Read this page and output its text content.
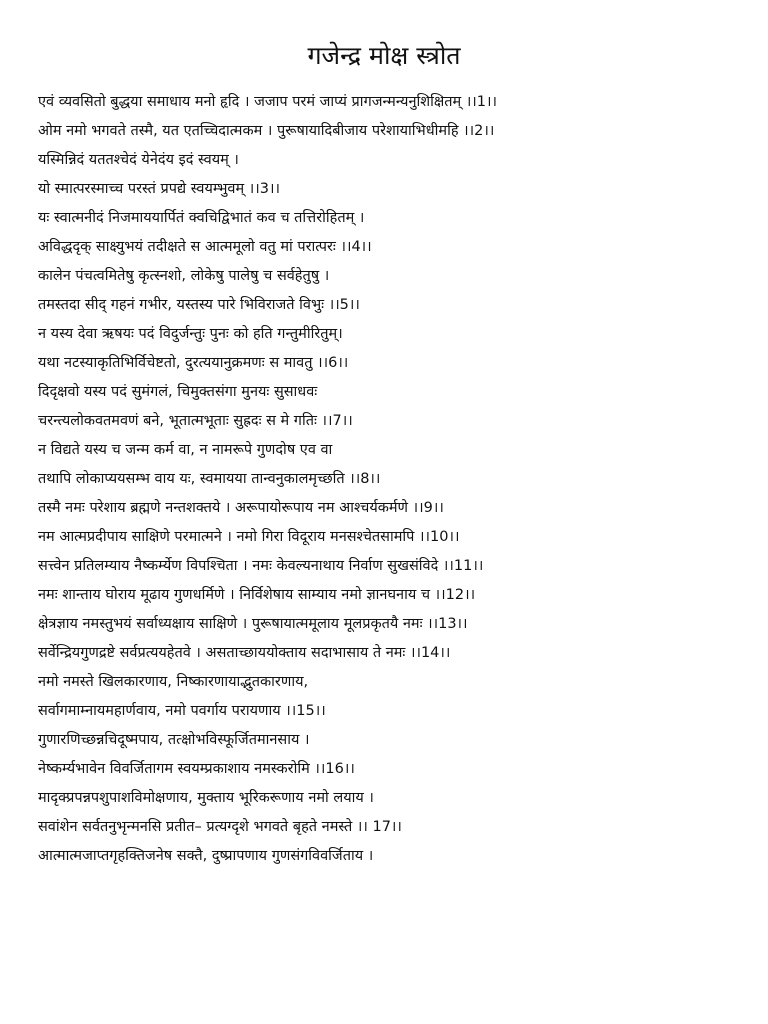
गजेन्द्र मोक्ष स्त्रोत
एवं व्यवसितो बुद्धया समाधाय मनो हृदि । जजाप परमं जाप्यं प्रागजन्मन्यनुशिक्षितम् ।।1।।
ओम नमो भगवते तस्मै, यत एतच्चिदात्मकम । पुरूषायादिबीजाय परेशायाभिधीमहि ।।2।।
यस्मिन्निदं यततश्चेदं येनेदंय इदं स्वयम् ।
यो स्मात्परस्माच्च परस्तं प्रपद्ये स्वयम्भुवम् ।।3।।
यः स्वात्मनीदं निजमाययार्पितं क्वचिद्विभातं कव च तत्तिरोहितम् ।
अविद्धदृक् साक्ष्युभयं तदीक्षते स आत्ममूलो वतु मां परात्परः ।।4।।
कालेन पंचत्वमितेषु कृत्स्नशो, लोकेषु पालेषु च सर्वहेतुषु ।
तमस्तदा सीद् गहनं गभीर, यस्तस्य पारे भिविराजते विभुः ।।5।।
न यस्य देवा ऋषयः पदं विदुर्जन्तुः पुनः को हति गन्तुमीरितुम्।
यथा नटस्याकृतिभिर्विचेष्टतो, दुरत्ययानुक्रमणः स मावतु ।।6।।
दिदृक्षवो यस्य पदं सुमंगलं, चिमुक्तसंगा मुनयः सुसाधवः
चरन्त्यलोकवतमवणं बने, भूतात्मभूताः सुह्रदः स मे गतिः ।।7।।
न विद्यते यस्य च जन्म कर्म वा, न नामरूपे गुणदोष एव वा
तथापि लोकाप्ययसम्भ वाय यः, स्वमायया तान्वनुकालमृच्छति ।।8।।
तस्मै नमः परेशाय ब्रह्मणे नन्तशक्तये । अरूपायोरूपाय नम आश्चर्यकर्मणे ।।9।।
नम आत्मप्रदीपाय साक्षिणे परमात्मने । नमो गिरा विदूराय मनसश्चेतसामपि ।।10।।
सत्त्वेन प्रतिलम्याय नैष्कर्म्येण विपश्चिता । नमः केवल्यनाथाय निर्वाण सुखसंविदे ।।11।।
नमः शान्ताय घोराय मूढाय गुणधर्मिणे । निर्विशेषाय साम्याय नमो ज्ञानघनाय च ।।12।।
क्षेत्रज्ञाय नमस्तुभयं सर्वाध्यक्षाय साक्षिणे । पुरूषायात्ममूलाय मूलप्रकृतयै नमः ।।13।।
सर्वेन्द्रियगुणद्रष्टे सर्वप्रत्ययहेतवे । असताच्छाययोक्ताय सदाभासाय ते नमः ।।14।।
नमो नमस्ते खिलकारणाय, निष्कारणायाद्भुतकारणाय,
सर्वागमाम्नायमहार्णवाय, नमो पवर्गाय परायणाय ।।15।।
गुणारणिच्छन्नचिदूष्मपाय, तत्क्षोभविस्फूर्जितमानसाय ।
नेष्कर्म्यभावेन विवर्जितागम स्वयम्प्रकाशाय नमस्करोमि ।।16।।
मादृक्प्रपन्नपशुपाशविमोक्षणाय, मुक्ताय भूरिकरूणाय नमो लयाय ।
सवांशेन सर्वतनुभृन्मनसि प्रतीत– प्रत्यग्दृशे भगवते बृहते नमस्ते ।। 17।।
आत्मात्मजाप्तगृहक्तिजनेष सक्तै, दुष्प्रापणाय गुणसंगविवर्जिताय ।
